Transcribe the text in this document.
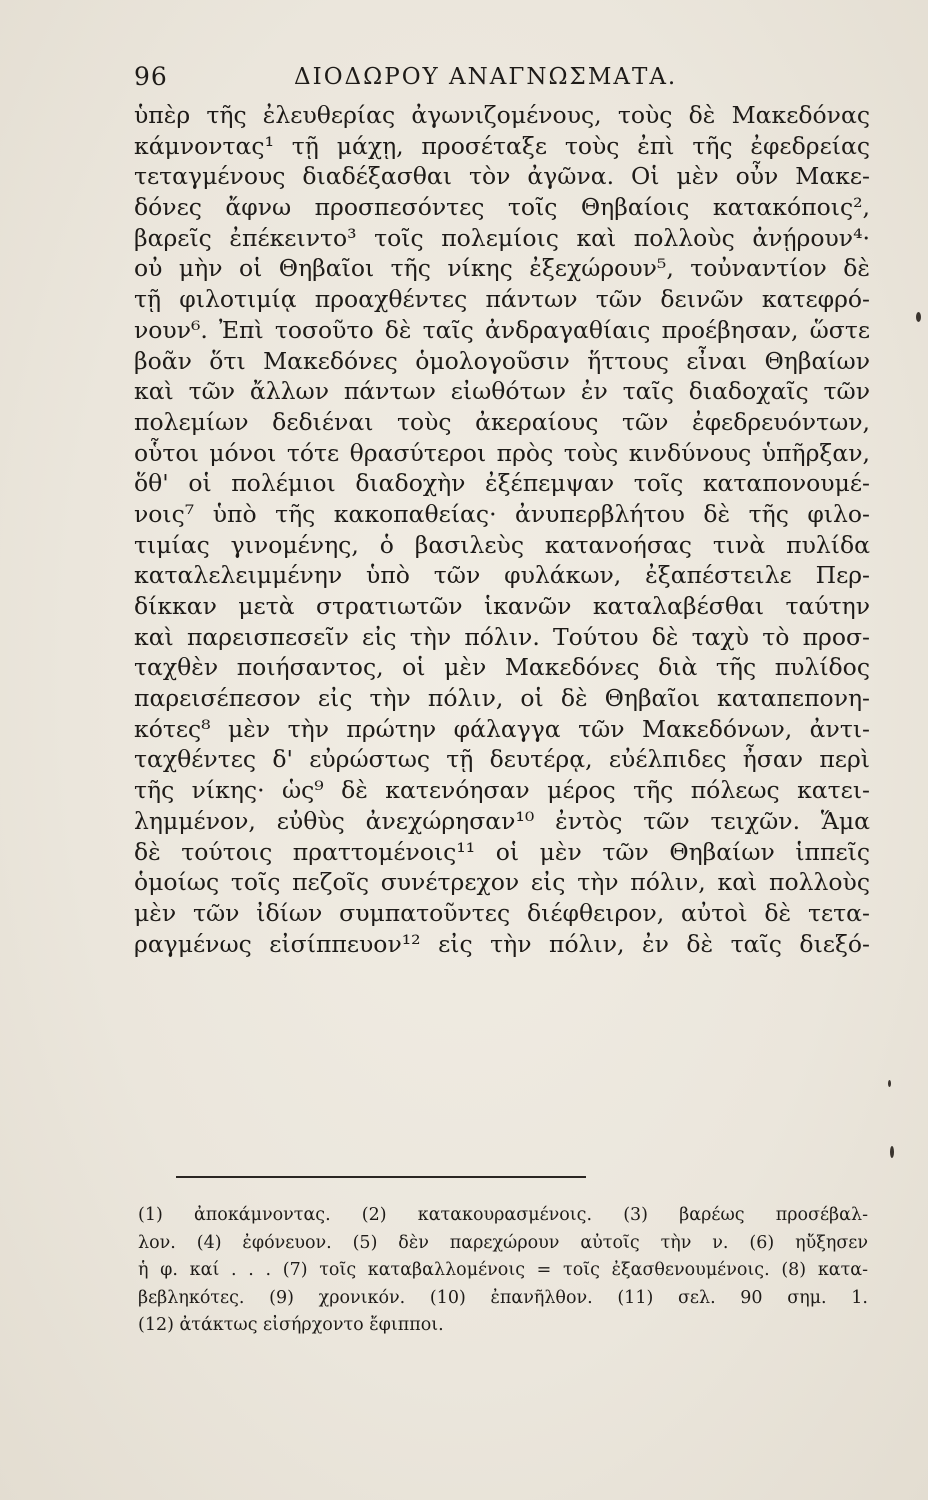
96	ΔΙΟΔΩΡΟΥ ΑΝΑΓΝΩΣΜΑΤΑ.
ὑπὲρ τῆς ἐλευθερίας ἀγωνιζομένους, τοὺς δὲ Μακεδόνας
κάμνοντας¹ τῇ μάχῃ, προσέταξε τοὺς ἐπὶ τῆς ἐφεδρείας
τεταγμένους διαδέξασθαι τὸν ἀγῶνα. Οἱ μὲν οὖν Μακε-
δόνες ἄφνω προσπεσόντες τοῖς Θηβαίοις κατακόποις²,
βαρεῖς ἐπέκειντο³ τοῖς πολεμίοις καὶ πολλοὺς ἀνῄρουν⁴·
οὐ μὴν οἱ Θηβαῖοι τῆς νίκης ἐξεχώρουν⁵, τοὐναντίον δὲ
τῇ φιλοτιμίᾳ προαχθέντες πάντων τῶν δεινῶν κατεφρό-
νουν⁶. Ἐπὶ τοσοῦτο δὲ ταῖς ἀνδραγαθίαις προέβησαν, ὥστε
βοᾶν ὅτι Μακεδόνες ὁμολογοῦσιν ἥττους εἶναι Θηβαίων
καὶ τῶν ἄλλων πάντων εἰωθότων ἐν ταῖς διαδοχαῖς τῶν
πολεμίων δεδιέναι τοὺς ἀκεραίους τῶν ἐφεδρευόντων,
οὗτοι μόνοι τότε θρασύτεροι πρὸς τοὺς κινδύνους ὑπῆρξαν,
ὅθ' οἱ πολέμιοι διαδοχὴν ἐξέπεμψαν τοῖς καταπονουμέ-
νοις⁷ ὑπὸ τῆς κακοπαθείας· ἀνυπερβλήτου δὲ τῆς φιλο-
τιμίας γινομένης, ὁ βασιλεὺς κατανοήσας τινὰ πυλίδα
καταλελειμμένην ὑπὸ τῶν φυλάκων, ἐξαπέστειλε Περ-
δίκκαν μετὰ στρατιωτῶν ἱκανῶν καταλαβέσθαι ταύτην
καὶ παρεισπεσεῖν εἰς τὴν πόλιν. Τούτου δὲ ταχὺ τὸ προσ-
ταχθὲν ποιήσαντος, οἱ μὲν Μακεδόνες διὰ τῆς πυλίδος
παρεισέπεσον εἰς τὴν πόλιν, οἱ δὲ Θηβαῖοι καταπεπονη-
κότες⁸ μὲν τὴν πρώτην φάλαγγα τῶν Μακεδόνων, ἀντι-
ταχθέντες δ' εὐρώστως τῇ δευτέρᾳ, εὐέλπιδες ἦσαν περὶ
τῆς νίκης· ὡς⁹ δὲ κατενόησαν μέρος τῆς πόλεως κατει-
λημμένον, εὐθὺς ἀνεχώρησαν¹⁰ ἐντὸς τῶν τειχῶν. Ἅμα
δὲ τούτοις πραττομένοις¹¹ οἱ μὲν τῶν Θηβαίων ἱππεῖς
ὁμοίως τοῖς πεζοῖς συνέτρεχον εἰς τὴν πόλιν, καὶ πολλοὺς
μὲν τῶν ἰδίων συμπατοῦντες διέφθειρον, αὐτοὶ δὲ τετα-
ραγμένως εἰσίππευον¹² εἰς τὴν πόλιν, ἐν δὲ ταῖς διεξό-
(1) ἀποκάμνοντας. (2) κατακουρασμένοις. (3) βαρέως προσέβαλ-
λον. (4) ἐφόνευον. (5) δὲν παρεχώρουν αὐτοῖς τὴν ν. (6) ηὔξησεν
ἡ φ. καί . . . (7) τοῖς καταβαλλομένοις = τοῖς ἐξασθενουμένοις. (8) κατα-
βεβληκότες. (9) χρονικόν. (10) ἐπανῆλθον. (11) σελ. 90 σημ. 1.
(12) ἀτάκτως εἰσήρχοντο ἔφιπποι.
